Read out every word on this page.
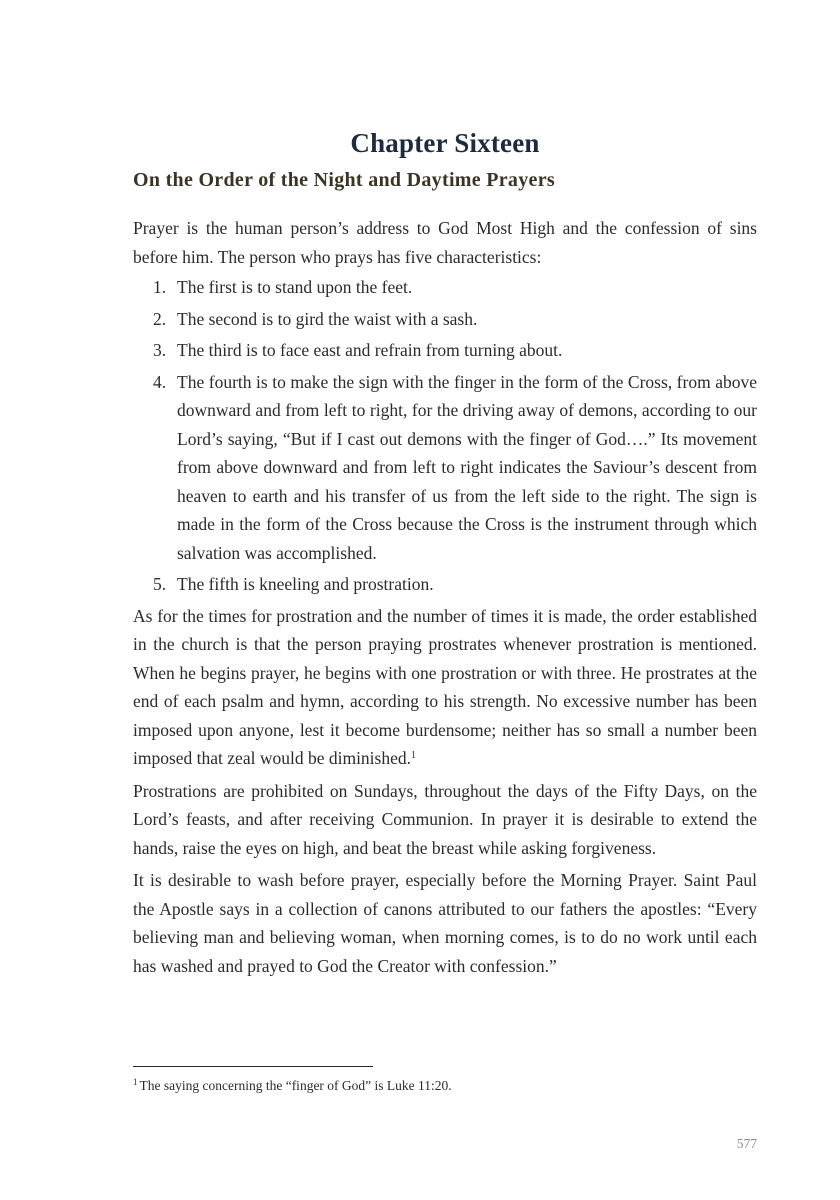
Chapter Sixteen
On the Order of the Night and Daytime Prayers

Prayer is the human person’s address to God Most High and the confession of sins before him. The person who prays has five characteristics:

1. The first is to stand upon the feet.
2. The second is to gird the waist with a sash.
3. The third is to face east and refrain from turning about.
4. The fourth is to make the sign with the finger in the form of the Cross, from above downward and from left to right, for the driving away of demons, according to our Lord’s saying, “But if I cast out demons with the finger of God….” Its movement from above downward and from left to right indicates the Saviour’s descent from heaven to earth and his transfer of us from the left side to the right. The sign is made in the form of the Cross because the Cross is the instrument through which salvation was accomplished.
5. The fifth is kneeling and prostration.

As for the times for prostration and the number of times it is made, the order established in the church is that the person praying prostrates whenever prostration is mentioned. When he begins prayer, he begins with one prostration or with three. He prostrates at the end of each psalm and hymn, according to his strength. No excessive number has been imposed upon anyone, lest it become burdensome; neither has so small a number been imposed that zeal would be diminished.$^1$

Prostrations are prohibited on Sundays, throughout the days of the Fifty Days, on the Lord’s feasts, and after receiving Communion. In prayer it is desirable to extend the hands, raise the eyes on high, and beat the breast while asking forgiveness.

It is desirable to wash before prayer, especially before the Morning Prayer. Saint Paul the Apostle says in a collection of canons attributed to our fathers the apostles: “Every believing man and believing woman, when morning comes, is to do no work until each has washed and prayed to God the Creator with confession.”

$^1$ The saying concerning the “finger of God” is Luke 11:20.
577
